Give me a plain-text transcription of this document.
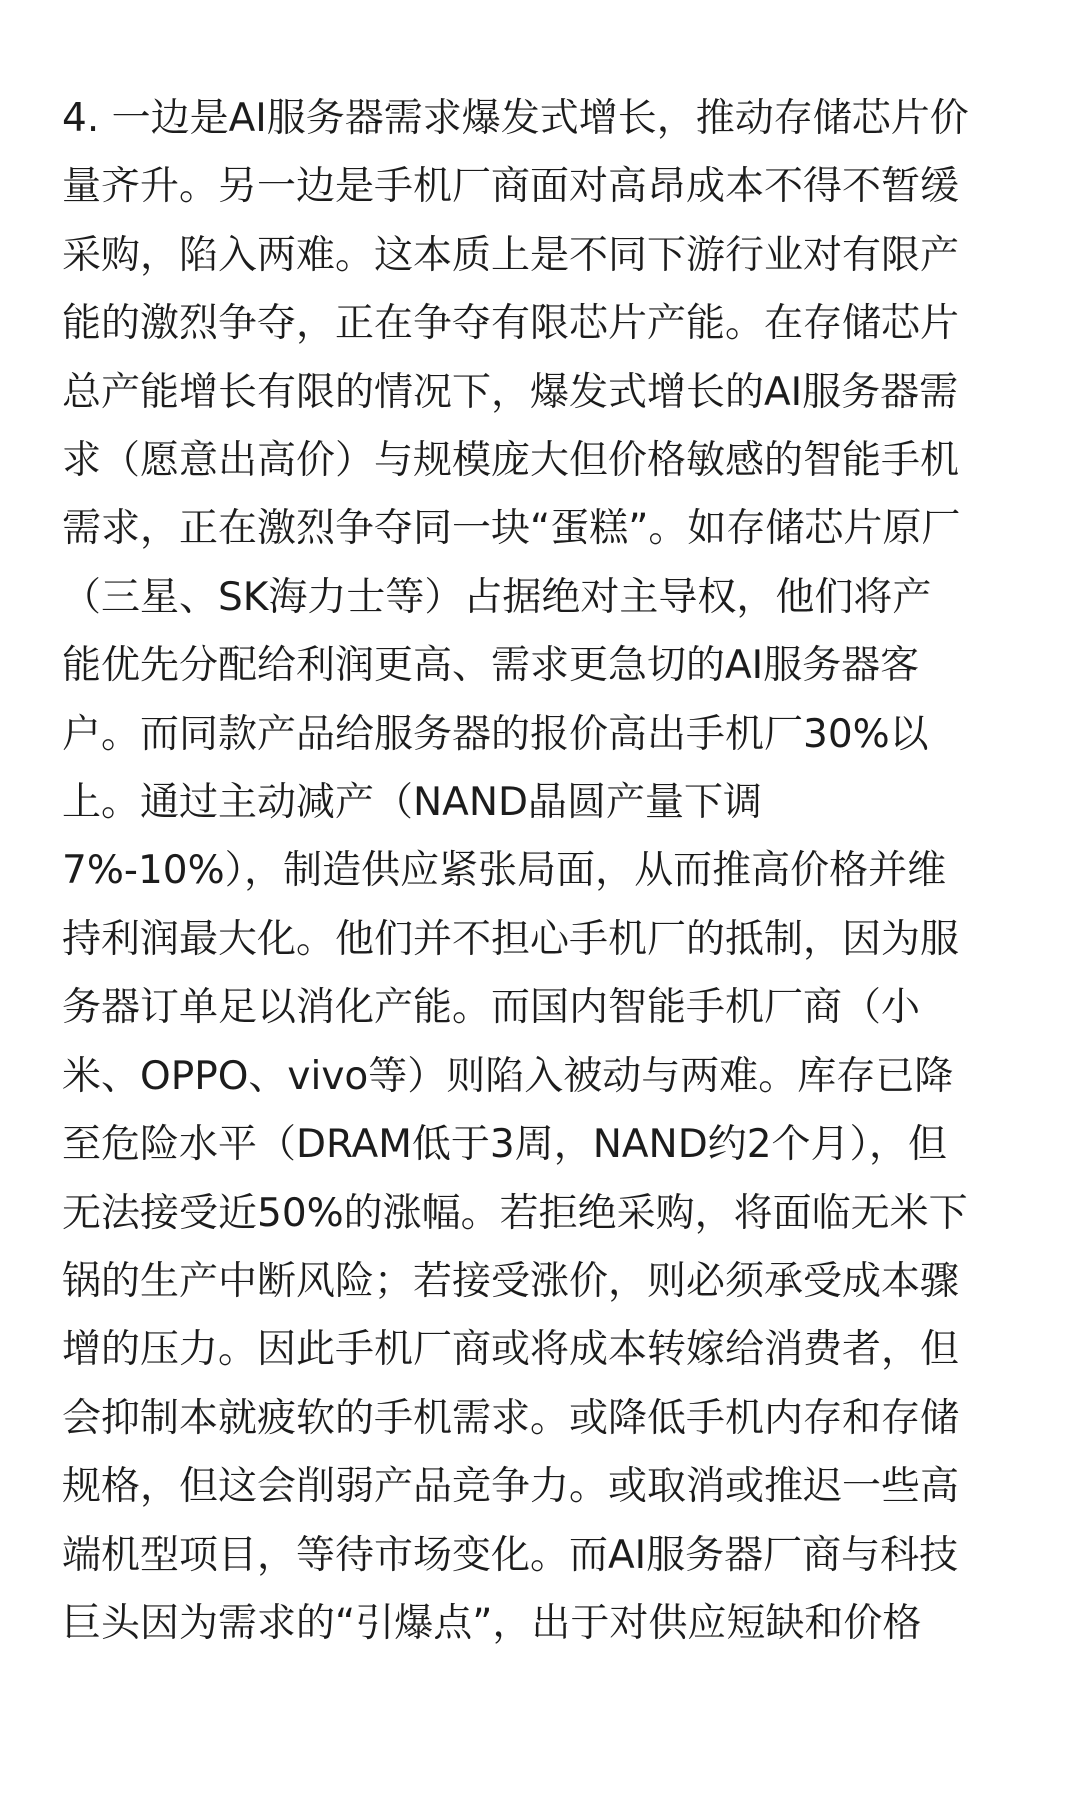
4. 一边是AI服务器需求爆发式增长，推动存储芯片价
量齐升。另一边是手机厂商面对高昂成本不得不暂缓
采购，陷入两难。这本质上是不同下游行业对有限产
能的激烈争夺，正在争夺有限芯片产能。在存储芯片
总产能增长有限的情况下，爆发式增长的AI服务器需
求（愿意出高价）与规模庞大但价格敏感的智能手机
需求，正在激烈争夺同一块“蛋糕”。如存储芯片原厂
（三星、SK海力士等）占据绝对主导权，他们将产
能优先分配给利润更高、需求更急切的AI服务器客
户。而同款产品给服务器的报价高出手机厂30%以
上。通过主动减产（NAND晶圆产量下调
7%-10%），制造供应紧张局面，从而推高价格并维
持利润最大化。他们并不担心手机厂的抵制，因为服
务器订单足以消化产能。而国内智能手机厂商（小
米、OPPO、vivo等）则陷入被动与两难。库存已降
至危险水平（DRAM低于3周，NAND约2个月），但
无法接受近50%的涨幅。若拒绝采购，将面临无米下
锅的生产中断风险；若接受涨价，则必须承受成本骤
增的压力。因此手机厂商或将成本转嫁给消费者，但
会抑制本就疲软的手机需求。或降低手机内存和存储
规格，但这会削弱产品竞争力。或取消或推迟一些高
端机型项目，等待市场变化。而AI服务器厂商与科技
巨头因为需求的“引爆点”，出于对供应短缺和价格
